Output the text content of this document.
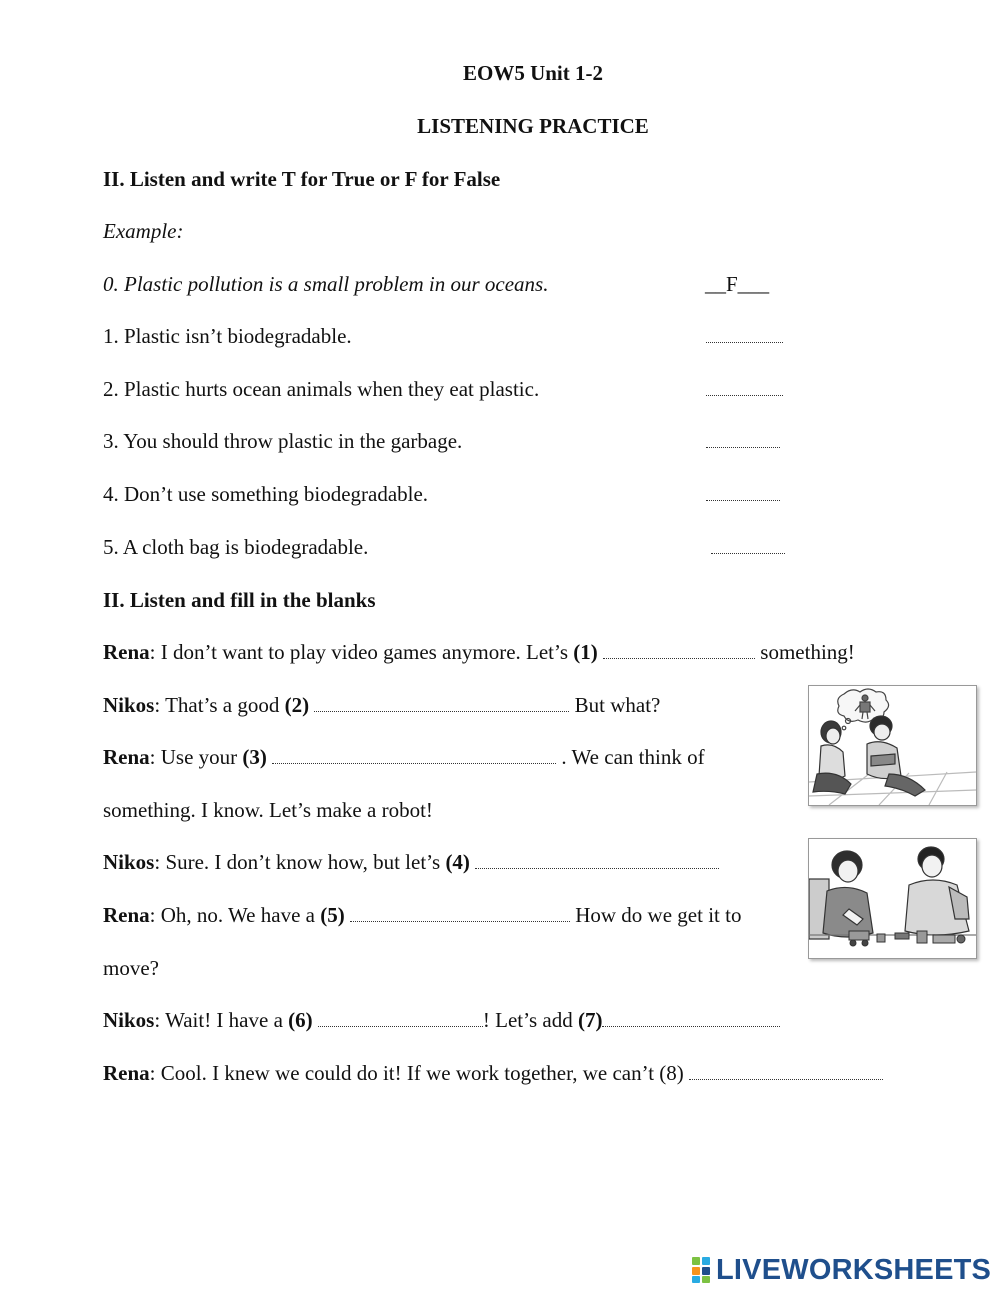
EOW5 Unit 1-2
LISTENING PRACTICE
II. Listen and write T for True or F for False
Example:
0. Plastic pollution is a small problem in our oceans.	__F___
1. Plastic isn’t biodegradable.
2. Plastic hurts ocean animals when they eat plastic.
3. You should throw plastic in the garbage.
4. Don’t use something biodegradable.
5. A cloth bag is biodegradable.
II. Listen and fill in the blanks
Rena: I don’t want to play video games anymore. Let’s (1)	something!
Nikos: That’s a good (2)	But what?
Rena: Use your (3)	. We can think of
something. I know. Let’s make a robot!
Nikos: Sure. I don’t know how, but let’s (4)
Rena: Oh, no. We have a (5)	How do we get it to
move?
Nikos: Wait! I have a (6)	! Let’s add (7)
Rena: Cool. I knew we could do it! If we work together, we can’t (8)
LIVEWORKSHEETS
